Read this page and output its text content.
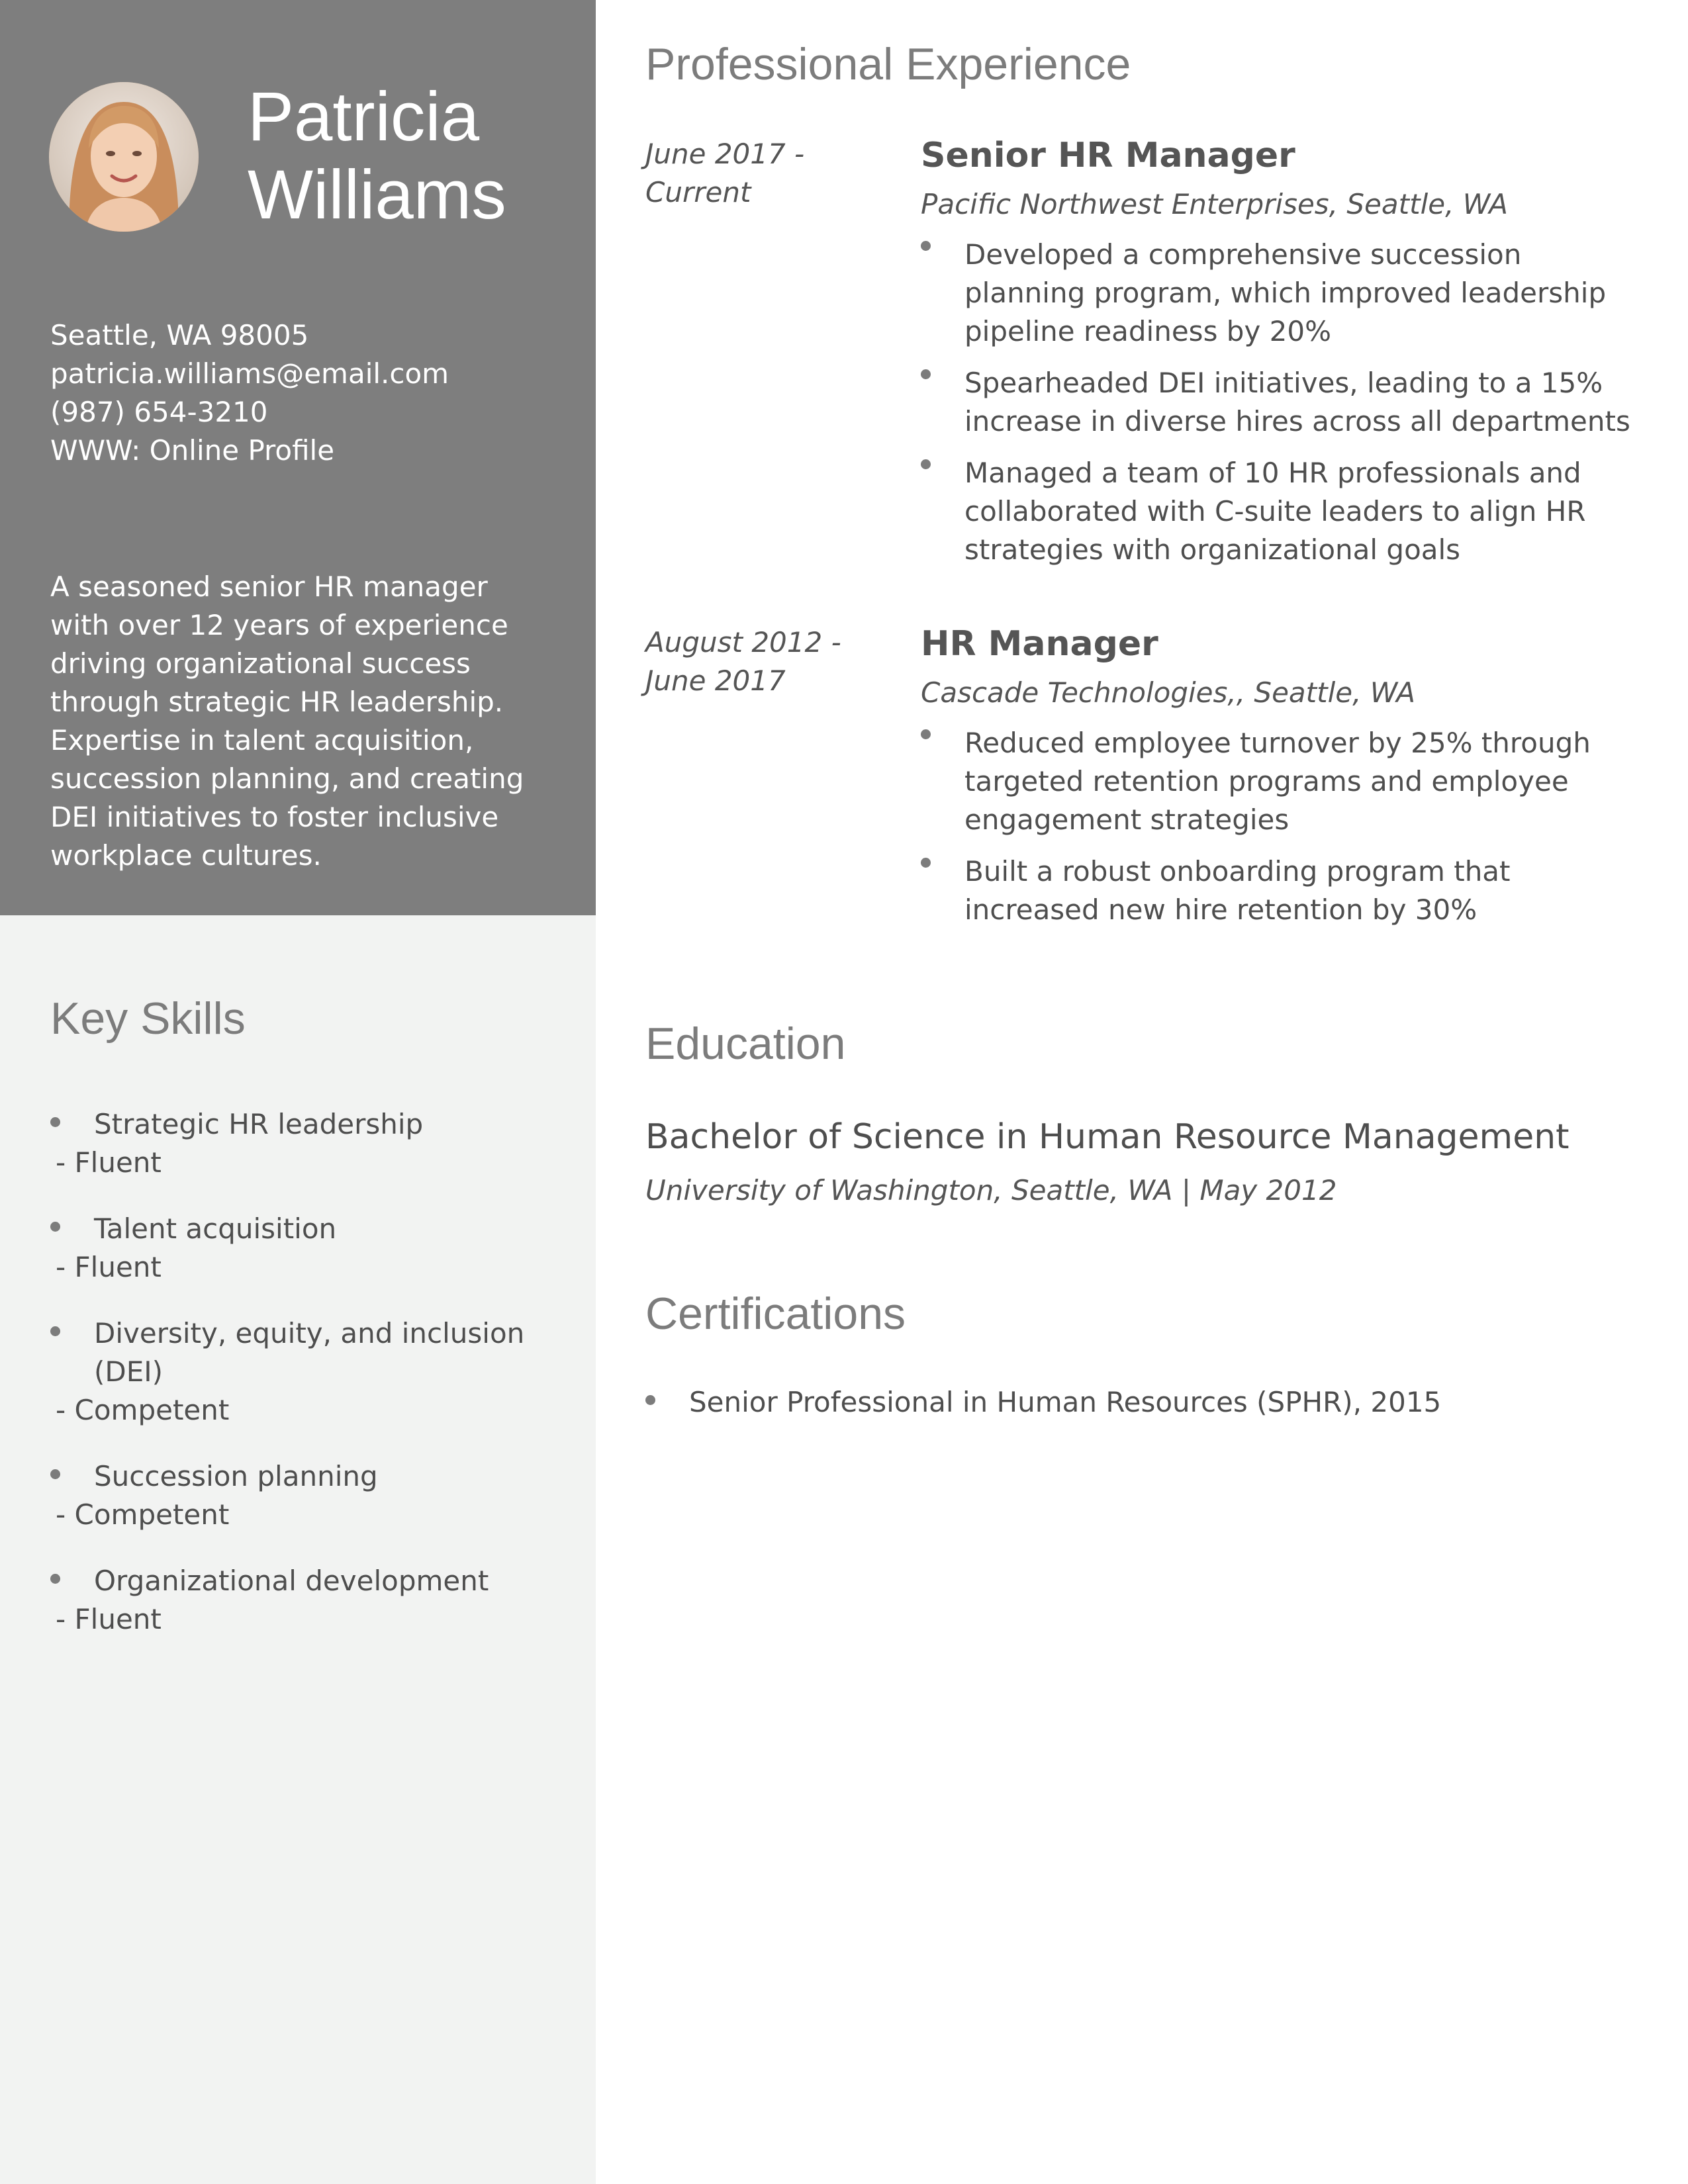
Patricia
Williams
Seattle, WA 98005
patricia.williams@email.com
(987) 654-3210
WWW: Online Profile
A seasoned senior HR manager
with over 12 years of experience
driving organizational success
through strategic HR leadership.
Expertise in talent acquisition,
succession planning, and creating
DEI initiatives to foster inclusive
workplace cultures.
Key Skills
Strategic HR leadership
- Fluent
Talent acquisition
- Fluent
Diversity, equity, and inclusion
(DEI)
- Competent
Succession planning
- Competent
Organizational development
- Fluent
Professional Experience
June 2017 -
Current
Senior HR Manager
Pacific Northwest Enterprises, Seattle, WA
Developed a comprehensive succession
planning program, which improved leadership
pipeline readiness by 20%
Spearheaded DEI initiatives, leading to a 15%
increase in diverse hires across all departments
Managed a team of 10 HR professionals and
collaborated with C-suite leaders to align HR
strategies with organizational goals
August 2012 -
June 2017
HR Manager
Cascade Technologies,, Seattle, WA
Reduced employee turnover by 25% through
targeted retention programs and employee
engagement strategies
Built a robust onboarding program that
increased new hire retention by 30%
Education
Bachelor of Science in Human Resource Management
University of Washington, Seattle, WA | May 2012
Certifications
Senior Professional in Human Resources (SPHR), 2015
